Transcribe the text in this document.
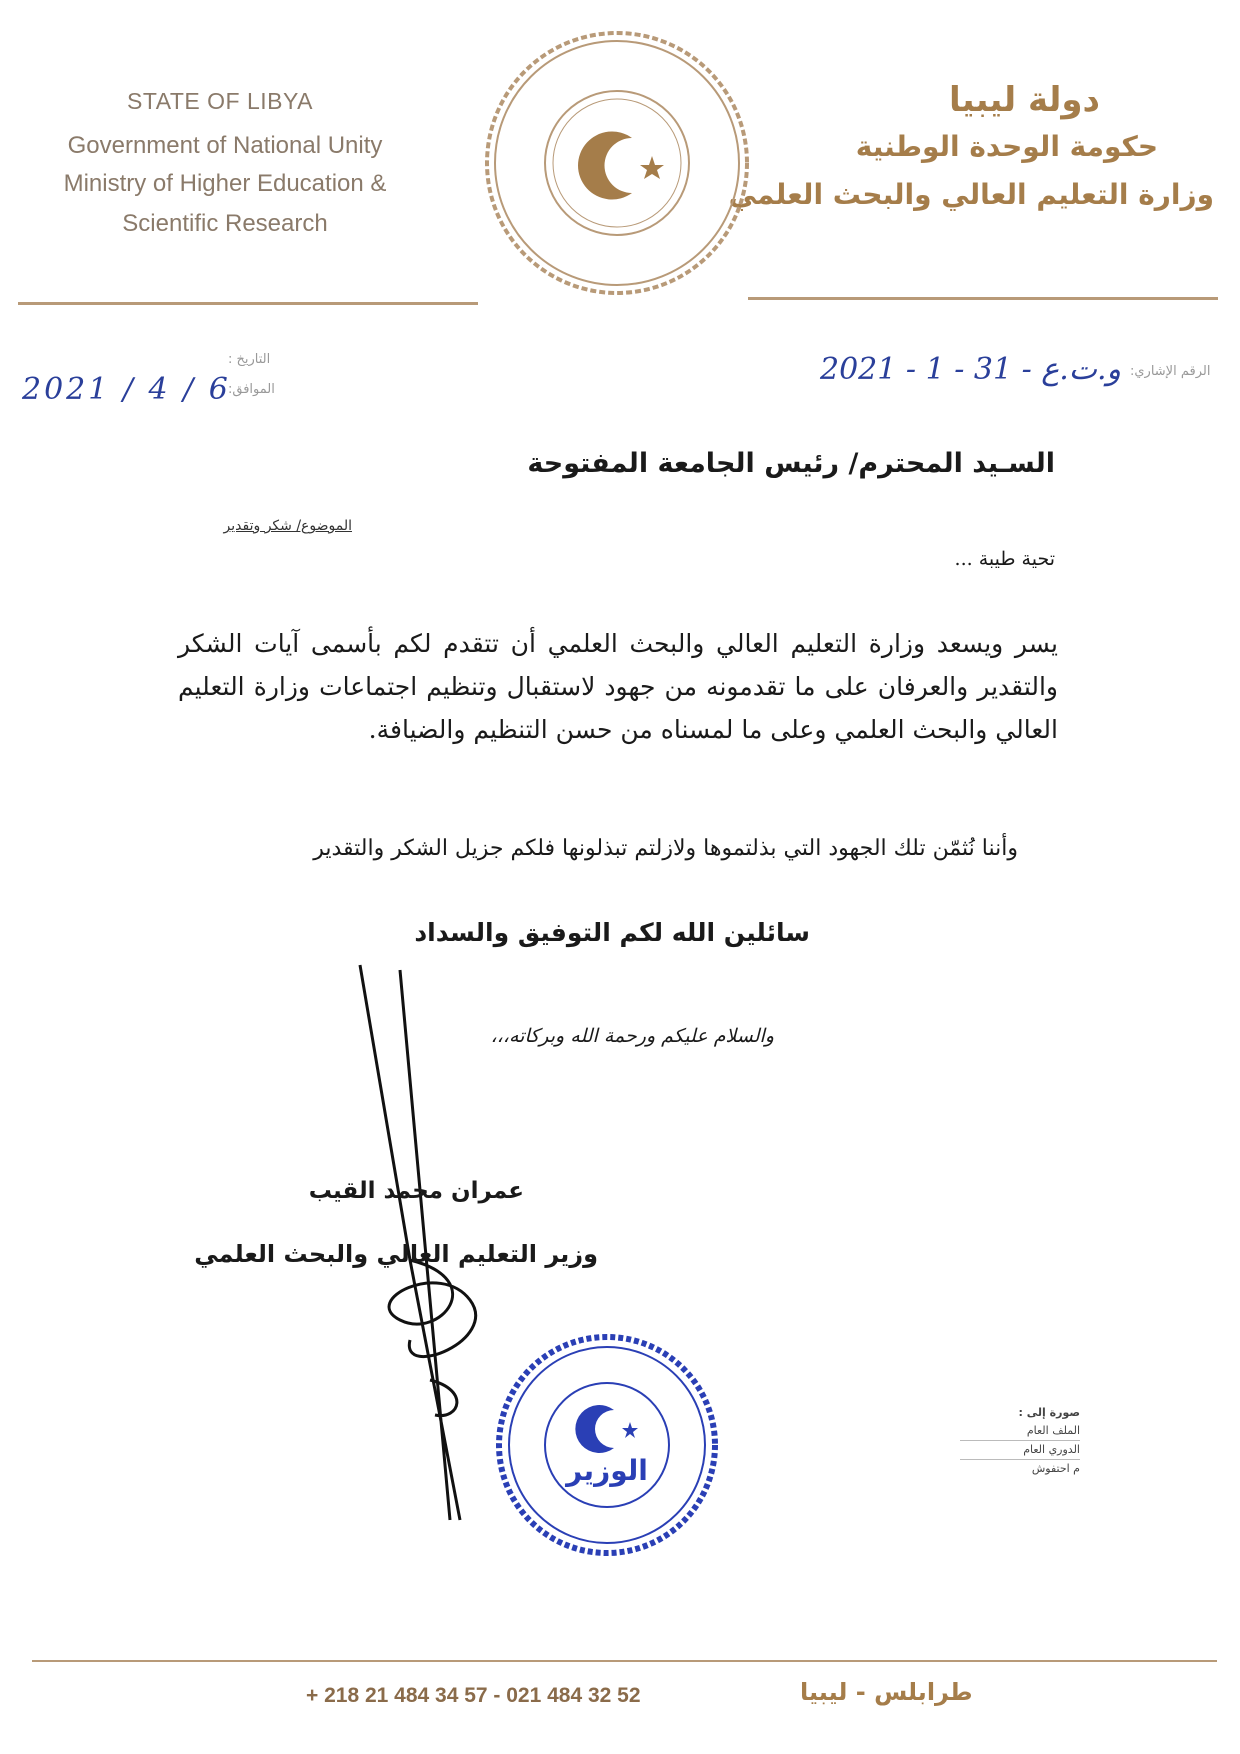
STATE OF LIBYA
Government of National Unity
Ministry of Higher Education &
Scientific Research
دولة ليبيا
حكومة الوحدة الوطنية
وزارة التعليم العالي والبحث العلمي
التاريخ :
الموافق:
2021 / 4 / 6
و.ت.ع - 31 - 1 - 2021 الرقم الإشاري:
السـيد المحترم/ رئيس الجامعة المفتوحة
الموضوع/ شكر وتقدير
تحية طيبة ...
يسر ويسعد وزارة التعليم العالي والبحث العلمي أن تتقدم لكم بأسمى آيات الشكر والتقدير والعرفان على ما تقدمونه من جهود لاستقبال وتنظيم اجتماعات وزارة التعليم العالي والبحث العلمي وعلى ما لمسناه من حسن التنظيم والضيافة.
وأننا نُثمّن تلك الجهود التي بذلتموها ولازلتم تبذلونها فلكم جزيل الشكر والتقدير
سائلين الله لكم التوفيق والسداد
والسلام عليكم ورحمة الله وبركاته،،،
عمران محمد القيب
وزير التعليم العالي والبحث العلمي
الوزير
صورة إلى :
الملف العام
الدوري العام
م احتفوش
+ 218 21 484 34 57 - 021 484 32 52	طرابلس - ليبيا
